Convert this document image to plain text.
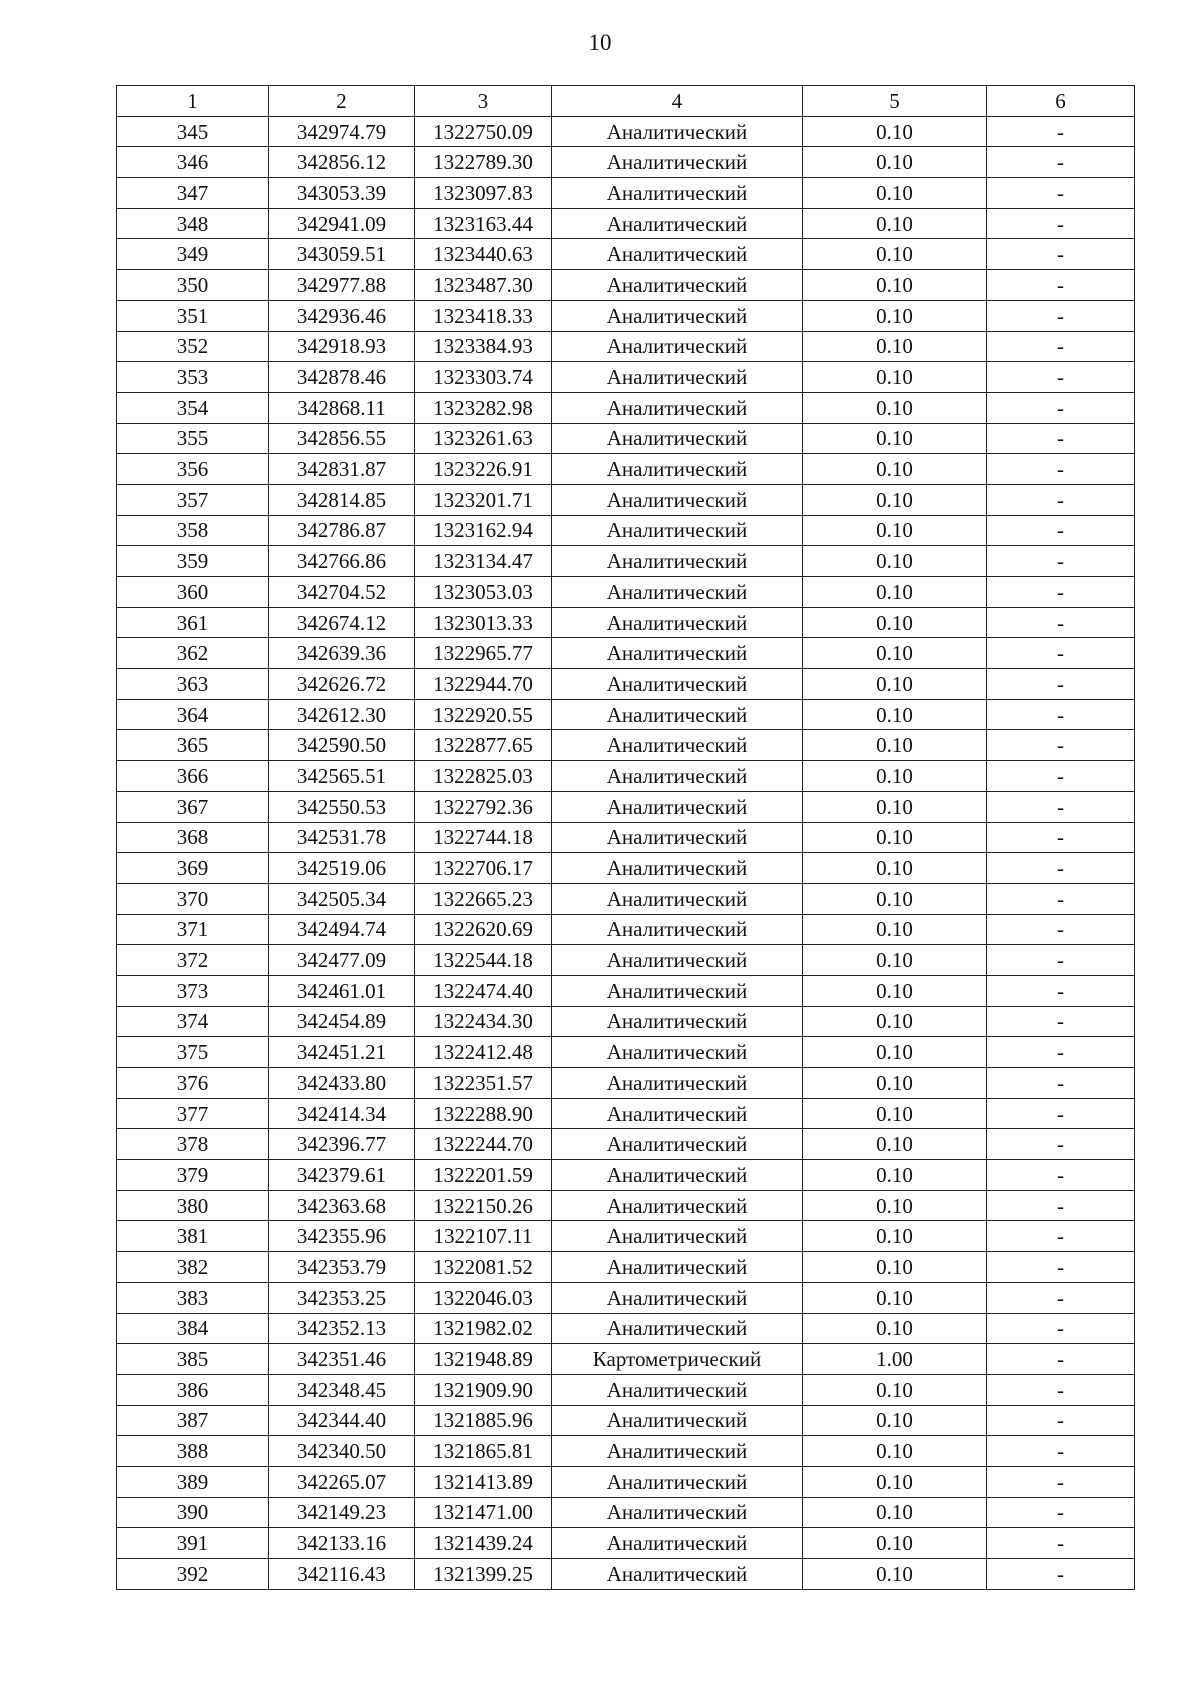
10
1	2	3	4	5	6
345	342974.79	1322750.09	Аналитический	0.10	-
346	342856.12	1322789.30	Аналитический	0.10	-
347	343053.39	1323097.83	Аналитический	0.10	-
348	342941.09	1323163.44	Аналитический	0.10	-
349	343059.51	1323440.63	Аналитический	0.10	-
350	342977.88	1323487.30	Аналитический	0.10	-
351	342936.46	1323418.33	Аналитический	0.10	-
352	342918.93	1323384.93	Аналитический	0.10	-
353	342878.46	1323303.74	Аналитический	0.10	-
354	342868.11	1323282.98	Аналитический	0.10	-
355	342856.55	1323261.63	Аналитический	0.10	-
356	342831.87	1323226.91	Аналитический	0.10	-
357	342814.85	1323201.71	Аналитический	0.10	-
358	342786.87	1323162.94	Аналитический	0.10	-
359	342766.86	1323134.47	Аналитический	0.10	-
360	342704.52	1323053.03	Аналитический	0.10	-
361	342674.12	1323013.33	Аналитический	0.10	-
362	342639.36	1322965.77	Аналитический	0.10	-
363	342626.72	1322944.70	Аналитический	0.10	-
364	342612.30	1322920.55	Аналитический	0.10	-
365	342590.50	1322877.65	Аналитический	0.10	-
366	342565.51	1322825.03	Аналитический	0.10	-
367	342550.53	1322792.36	Аналитический	0.10	-
368	342531.78	1322744.18	Аналитический	0.10	-
369	342519.06	1322706.17	Аналитический	0.10	-
370	342505.34	1322665.23	Аналитический	0.10	-
371	342494.74	1322620.69	Аналитический	0.10	-
372	342477.09	1322544.18	Аналитический	0.10	-
373	342461.01	1322474.40	Аналитический	0.10	-
374	342454.89	1322434.30	Аналитический	0.10	-
375	342451.21	1322412.48	Аналитический	0.10	-
376	342433.80	1322351.57	Аналитический	0.10	-
377	342414.34	1322288.90	Аналитический	0.10	-
378	342396.77	1322244.70	Аналитический	0.10	-
379	342379.61	1322201.59	Аналитический	0.10	-
380	342363.68	1322150.26	Аналитический	0.10	-
381	342355.96	1322107.11	Аналитический	0.10	-
382	342353.79	1322081.52	Аналитический	0.10	-
383	342353.25	1322046.03	Аналитический	0.10	-
384	342352.13	1321982.02	Аналитический	0.10	-
385	342351.46	1321948.89	Картометрический	1.00	-
386	342348.45	1321909.90	Аналитический	0.10	-
387	342344.40	1321885.96	Аналитический	0.10	-
388	342340.50	1321865.81	Аналитический	0.10	-
389	342265.07	1321413.89	Аналитический	0.10	-
390	342149.23	1321471.00	Аналитический	0.10	-
391	342133.16	1321439.24	Аналитический	0.10	-
392	342116.43	1321399.25	Аналитический	0.10	-
